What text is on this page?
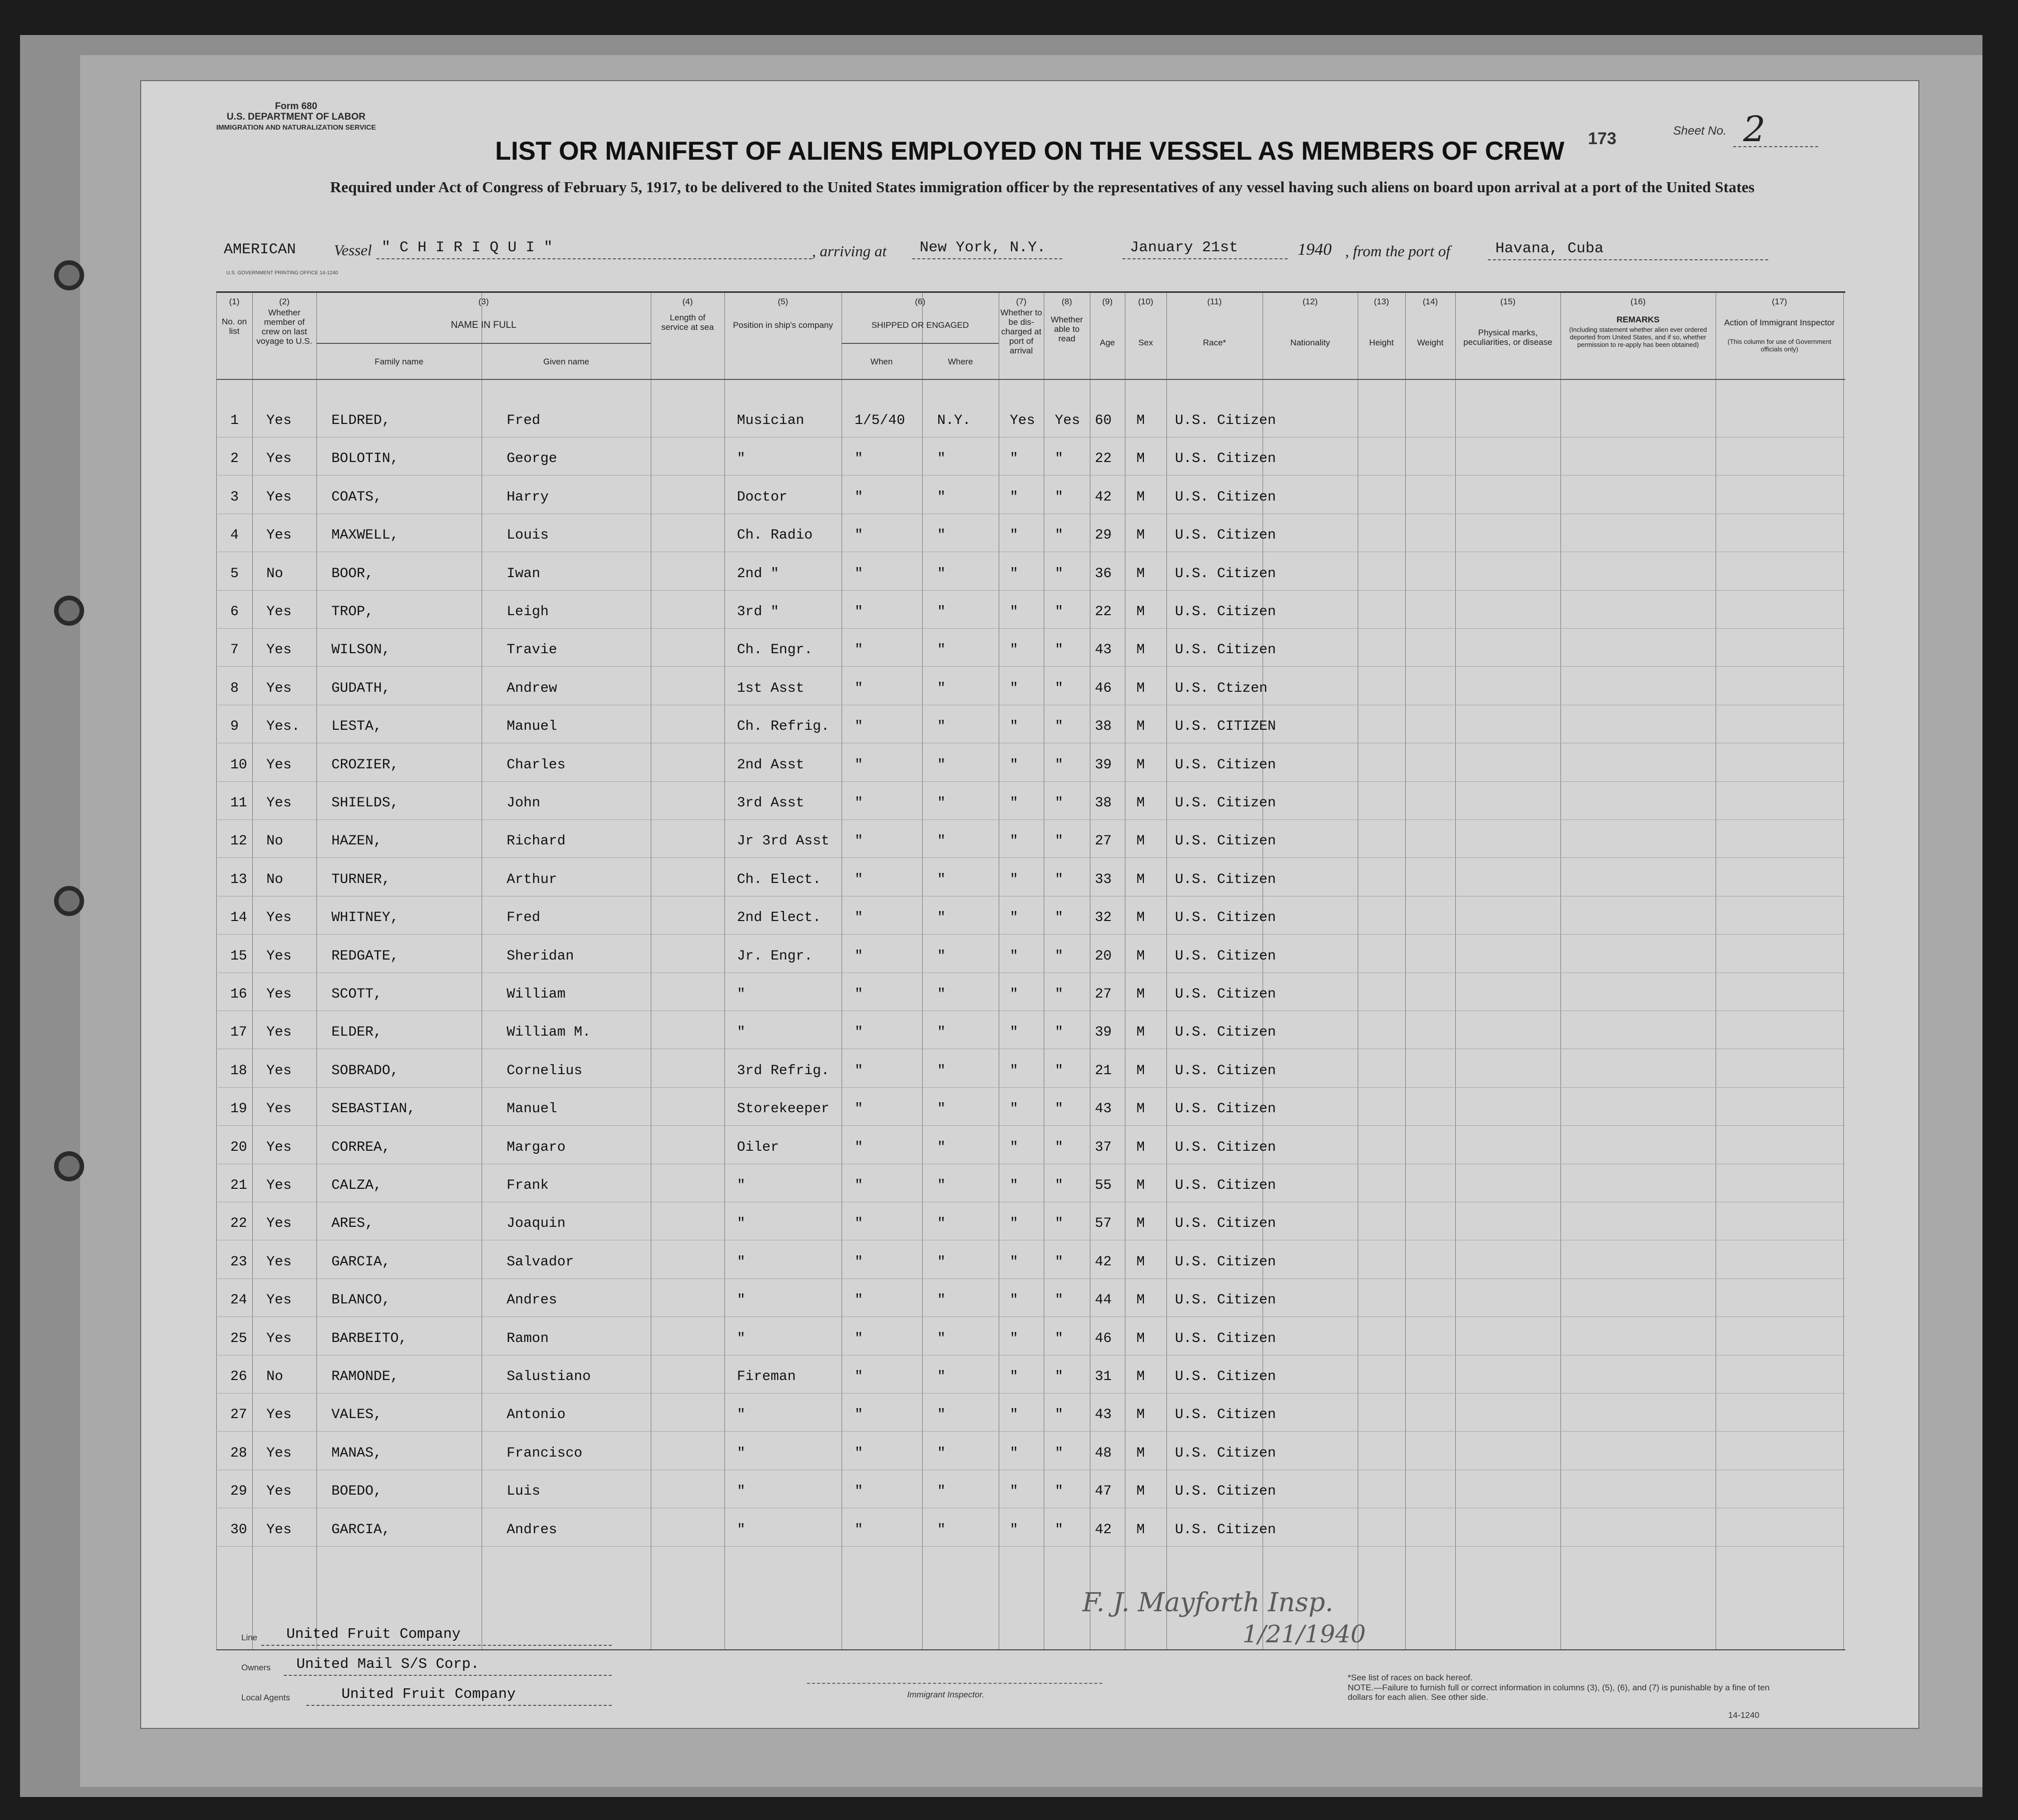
Form 680
U.S. DEPARTMENT OF LABOR
IMMIGRATION AND NATURALIZATION SERVICE
LIST OR MANIFEST OF ALIENS EMPLOYED ON THE VESSEL AS MEMBERS OF CREW	173	Sheet No. 2
Required under Act of Congress of February 5, 1917, to be delivered to the United States immigration officer by the representatives of any vessel having such aliens on board upon arrival at a port of the United States
AMERICAN Vessel " C H I R I Q U I "	, arriving at New York, N.Y.	January 21st	1940 , from the port of	Havana, Cuba
U.S. GOVERNMENT PRINTING OFFICE 14-1240
(1)
No. on list
(2)
Whether member of crew on last voyage to U.S.
(3)
NAME IN FULL
Family name	Given name
(4)
Length of service at sea
(5)
Position in ship's company
(6)
SHIPPED OR ENGAGED
When	Where
(7)
Whether to be dis- charged at port of arrival
(8)
Whether able to read
(9)
Age
(10)
Sex
(11)
Race*
(12)
Nationality
(13)
Height
(14)
Weight
(15)
Physical marks, peculiarities, or disease
(16)
REMARKS
(Including statement whether alien ever ordered deported from United States, and if so, whether permission to re-apply has been obtained)
(17)
Action of Immigrant Inspector
(This column for use of Government officials only)
1 Yes	ELDRED,	Fred	Musician	1/5/40 N.Y.	Yes Yes 60 M U.S. Citizen
2 Yes	BOLOTIN,	George	"	"	"	"	" 22 M U.S. Citizen
3 Yes	COATS,	Harry	Doctor	"	"	"	" 42 M U.S. Citizen
4 Yes	MAXWELL,	Louis	Ch. Radio	"	"	"	" 29 M U.S. Citizen
5 No	BOOR,	Iwan	2nd "	"	"	"	" 36 M U.S. Citizen
6 Yes	TROP,	Leigh	3rd "	"	"	"	" 22 M U.S. Citizen
7 Yes	WILSON,	Travie	Ch. Engr.	"	"	"	" 43 M U.S. Citizen
8 Yes	GUDATH,	Andrew	1st Asst	"	"	"	" 46 M U.S. Ctizen
9 Yes. LESTA,	Manuel	Ch. Refrig. "	"	"	" 38 M U.S. CITIZEN
10 Yes	CROZIER,	Charles	2nd Asst	"	"	"	" 39 M U.S. Citizen
11 Yes	SHIELDS,	John	3rd Asst	"	"	"	" 38 M U.S. Citizen
12 No	HAZEN,	Richard	Jr 3rd Asst "	"	"	" 27 M U.S. Citizen
13 No	TURNER,	Arthur	Ch. Elect. "	"	"	" 33 M U.S. Citizen
14 Yes	WHITNEY,	Fred	2nd Elect. "	"	"	" 32 M U.S. Citizen
15 Yes	REDGATE,	Sheridan	Jr. Engr.	"	"	"	" 20 M U.S. Citizen
16 Yes	SCOTT,	William	"	"	"	"	" 27 M U.S. Citizen
17 Yes	ELDER,	William M.	"	"	"	"	" 39 M U.S. Citizen
18 Yes	SOBRADO,	Cornelius	3rd Refrig. "	"	"	" 21 M U.S. Citizen
19 Yes	SEBASTIAN,	Manuel	Storekeeper "	"	"	" 43 M U.S. Citizen
20 Yes	CORREA,	Margaro	Oiler	"	"	"	" 37 M U.S. Citizen
21 Yes	CALZA,	Frank	"	"	"	"	" 55 M U.S. Citizen
22 Yes	ARES,	Joaquin	"	"	"	"	" 57 M U.S. Citizen
23 Yes	GARCIA,	Salvador	"	"	"	"	" 42 M U.S. Citizen
24 Yes	BLANCO,	Andres	"	"	"	"	" 44 M U.S. Citizen
25 Yes	BARBEITO,	Ramon	"	"	"	"	" 46 M U.S. Citizen
26 No	RAMONDE,	Salustiano	Fireman	"	"	"	" 31 M U.S. Citizen
27 Yes	VALES,	Antonio	"	"	"	"	" 43 M U.S. Citizen
28 Yes	MANAS,	Francisco	"	"	"	"	" 48 M U.S. Citizen
29 Yes	BOEDO,	Luis	"	"	"	"	" 47 M U.S. Citizen
30 Yes	GARCIA,	Andres	"	"	"	"	" 42 M U.S. Citizen
F. J. Mayforth Insp.
1/21/1940
Line United Fruit Company
Owners United Mail S/S Corp.
Local Agents	United Fruit Company	Immigrant Inspector.
*See list of races on back hereof.
NOTE.—Failure to furnish full or correct information in columns (3), (5), (6), and (7) is punishable by a fine of ten dollars for each alien. See other side.
14-1240
